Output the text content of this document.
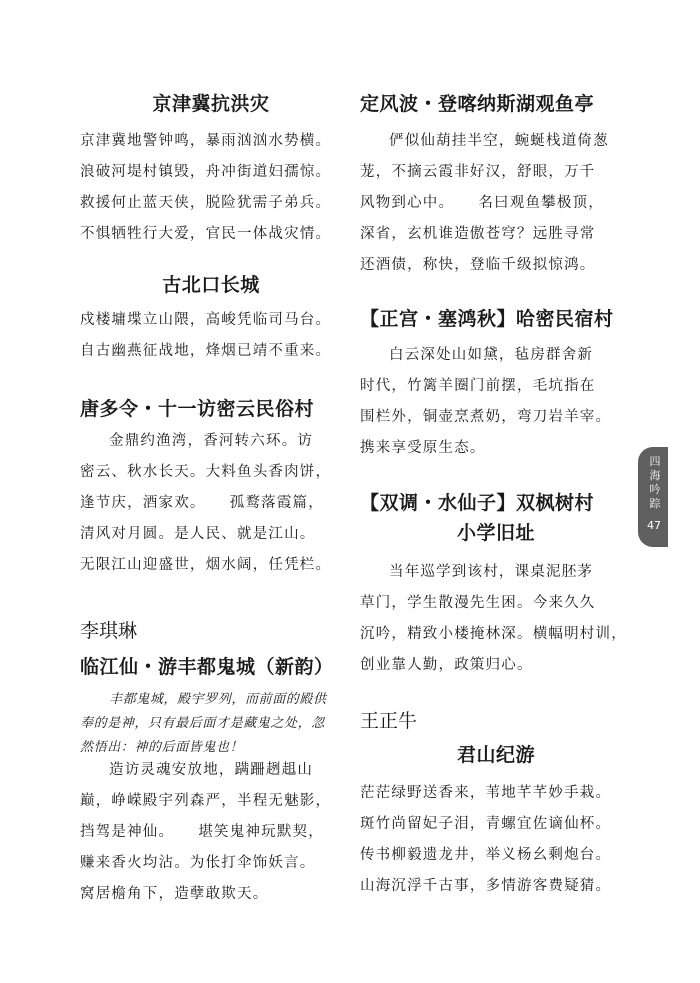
京津冀抗洪灾
京津冀地警钟鸣，暴雨汹汹水势横。
浪破河堤村镇毁，舟冲街道妇孺惊。
救援何止蓝天侠，脱险犹需子弟兵。
不惧牺牲行大爱，官民一体战灾情。
古北口长城
戍楼墉堞立山隈，高峻凭临司马台。
自古幽燕征战地，烽烟已靖不重来。
唐多令・十一访密云民俗村
金鼎约渔湾，香河转六环。访
密云、秋水长天。大料鱼头香肉饼，
逢节庆，酒家欢。　　孤鹜落霞篇，
清风对月圆。是人民、就是江山。
无限江山迎盛世，烟水阔，任凭栏。
李琪琳
临江仙・游丰都鬼城（新韵）
丰都鬼城，殿宇罗列，而前面的殿供
奉的是神，只有最后面才是藏鬼之处，忽
然悟出：神的后面皆鬼也！
造访灵魂安放地，蹒跚趔趄山
巅，峥嵘殿宇列森严，半程无魅影，
挡驾是神仙。　　堪笑鬼神玩默契，
赚来香火均沾。为伥打伞饰妖言。
窝居檐角下，造孽敢欺天。
定风波・登喀纳斯湖观鱼亭
俨似仙葫挂半空，蜿蜒栈道倚葱
茏，不摘云霞非好汉，舒眼，万千
风物到心中。　　名曰观鱼攀极顶，
深省，玄机谁造傲苍穹？远胜寻常
还酒债，称快，登临千级拟惊鸿。
【正宫・塞鸿秋】哈密民宿村
白云深处山如黛，毡房群舍新
时代，竹篱羊圈门前摆，毛坑指在
围栏外，铜壶烹煮奶，弯刀岩羊宰。
携来享受原生态。
【双调・水仙子】双枫树村
小学旧址
当年巡学到该村，课桌泥胚茅
草门，学生散漫先生困。今来久久
沉吟，精致小楼掩林深。横幅明村训，
创业靠人勤，政策归心。
王正牛
君山纪游
茫茫绿野送香来，苇地芊芊妙手栽。
斑竹尚留妃子泪，青螺宜佐谪仙杯。
传书柳毅遗龙井，举义杨幺剩炮台。
山海沉浮千古事，多情游客费疑猜。
四
海
吟
踪
47
